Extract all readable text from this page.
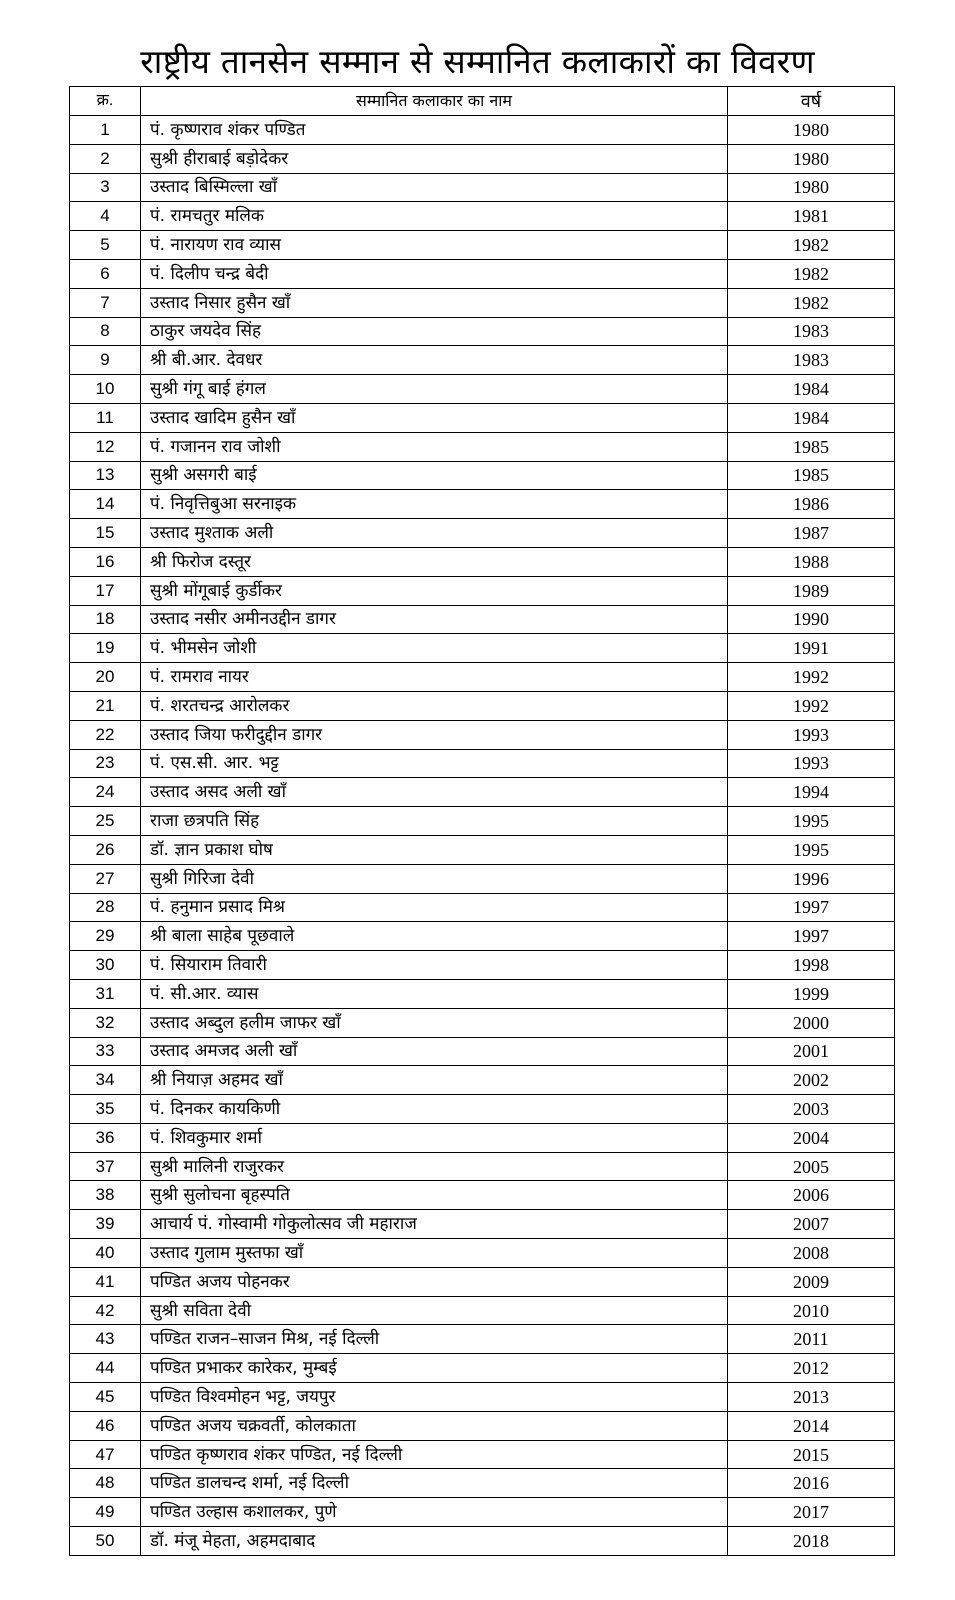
राष्ट्रीय तानसेन सम्मान से सम्मानित कलाकारों का विवरण
क्र.	सम्मानित कलाकार का नाम	वर्ष
1	पं. कृष्णराव शंकर पण्डित	1980
2	सुश्री हीराबाई बड़ोदेकर	1980
3	उस्ताद बिस्मिल्ला खाँ	1980
4	पं. रामचतुर मलिक	1981
5	पं. नारायण राव व्यास	1982
6	पं. दिलीप चन्द्र बेदी	1982
7	उस्ताद निसार हुसैन खाँ	1982
8	ठाकुर जयदेव सिंह	1983
9	श्री बी.आर. देवधर	1983
10	सुश्री गंगू बाई हंगल	1984
11	उस्ताद खादिम हुसैन खाँ	1984
12	पं. गजानन राव जोशी	1985
13	सुश्री असगरी बाई	1985
14	पं. निवृत्तिबुआ सरनाइक	1986
15	उस्ताद मुश्ताक अली	1987
16	श्री फिरोज दस्तूर	1988
17	सुश्री मोंगूबाई कुर्डीकर	1989
18	उस्ताद नसीर अमीनउद्दीन डागर	1990
19	पं. भीमसेन जोशी	1991
20	पं. रामराव नायर	1992
21	पं. शरतचन्द्र आरोलकर	1992
22	उस्ताद जिया फरीदुद्दीन डागर	1993
23	पं. एस.सी. आर. भट्ट	1993
24	उस्ताद असद अली खाँ	1994
25	राजा छत्रपति सिंह	1995
26	डॉ. ज्ञान प्रकाश घोष	1995
27	सुश्री गिरिजा देवी	1996
28	पं. हनुमान प्रसाद मिश्र	1997
29	श्री बाला साहेब पूछवाले	1997
30	पं. सियाराम तिवारी	1998
31	पं. सी.आर. व्यास	1999
32	उस्ताद अब्दुल हलीम जाफर खाँ	2000
33	उस्ताद अमजद अली खाँ	2001
34	श्री नियाज़ अहमद खाँ	2002
35	पं. दिनकर कायकिणी	2003
36	पं. शिवकुमार शर्मा	2004
37	सुश्री मालिनी राजुरकर	2005
38	सुश्री सुलोचना बृहस्पति	2006
39	आचार्य पं. गोस्वामी गोकुलोत्सव जी महाराज	2007
40	उस्ताद गुलाम मुस्तफा खाँ	2008
41	पण्डित अजय पोहनकर	2009
42	सुश्री सविता देवी	2010
43	पण्डित राजन–साजन मिश्र, नई दिल्ली	2011
44	पण्डित प्रभाकर कारेकर, मुम्बई	2012
45	पण्डित विश्वमोहन भट्ट, जयपुर	2013
46	पण्डित अजय चक्रवर्ती, कोलकाता	2014
47	पण्डित कृष्णराव शंकर पण्डित, नई दिल्ली	2015
48	पण्डित डालचन्द शर्मा, नई दिल्ली	2016
49	पण्डित उल्हास कशालकर, पुणे	2017
50	डॉ. मंजू मेहता, अहमदाबाद	2018
